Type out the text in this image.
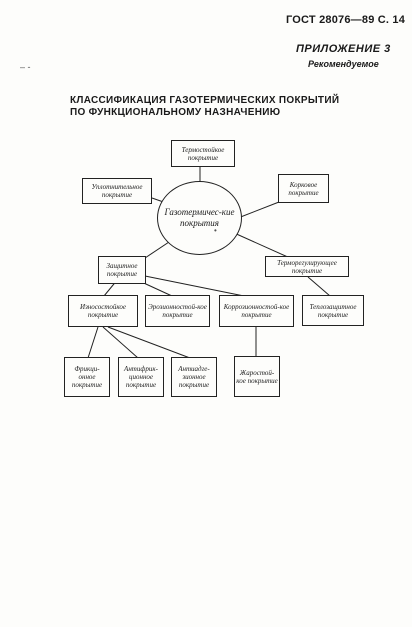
ГОСТ 28076—89 С. 14
ПРИЛОЖЕНИЕ 3
Рекомендуемое
– -
КЛАССИФИКАЦИЯ ГАЗОТЕРМИЧЕСКИХ ПОКРЫТИЙ
ПО ФУНКЦИОНАЛЬНОМУ НАЗНАЧЕНИЮ
Термостойкое покрытие
Уплотнительное покрытие
Корковое покрытие
Газотермичес-кие покрытия
•
Защитное покрытие
Терморегулирующее покрытие
Износостойкое покрытие
Эрозионностой-кое покрытие
Коррозионностой-кое покрытие
Теплозащитное покрытие
Фрикци-онное покрытие
Антифрик-ционное покрытие
Антиадге-зионное покрытие
Жаростой-кое покрытие
